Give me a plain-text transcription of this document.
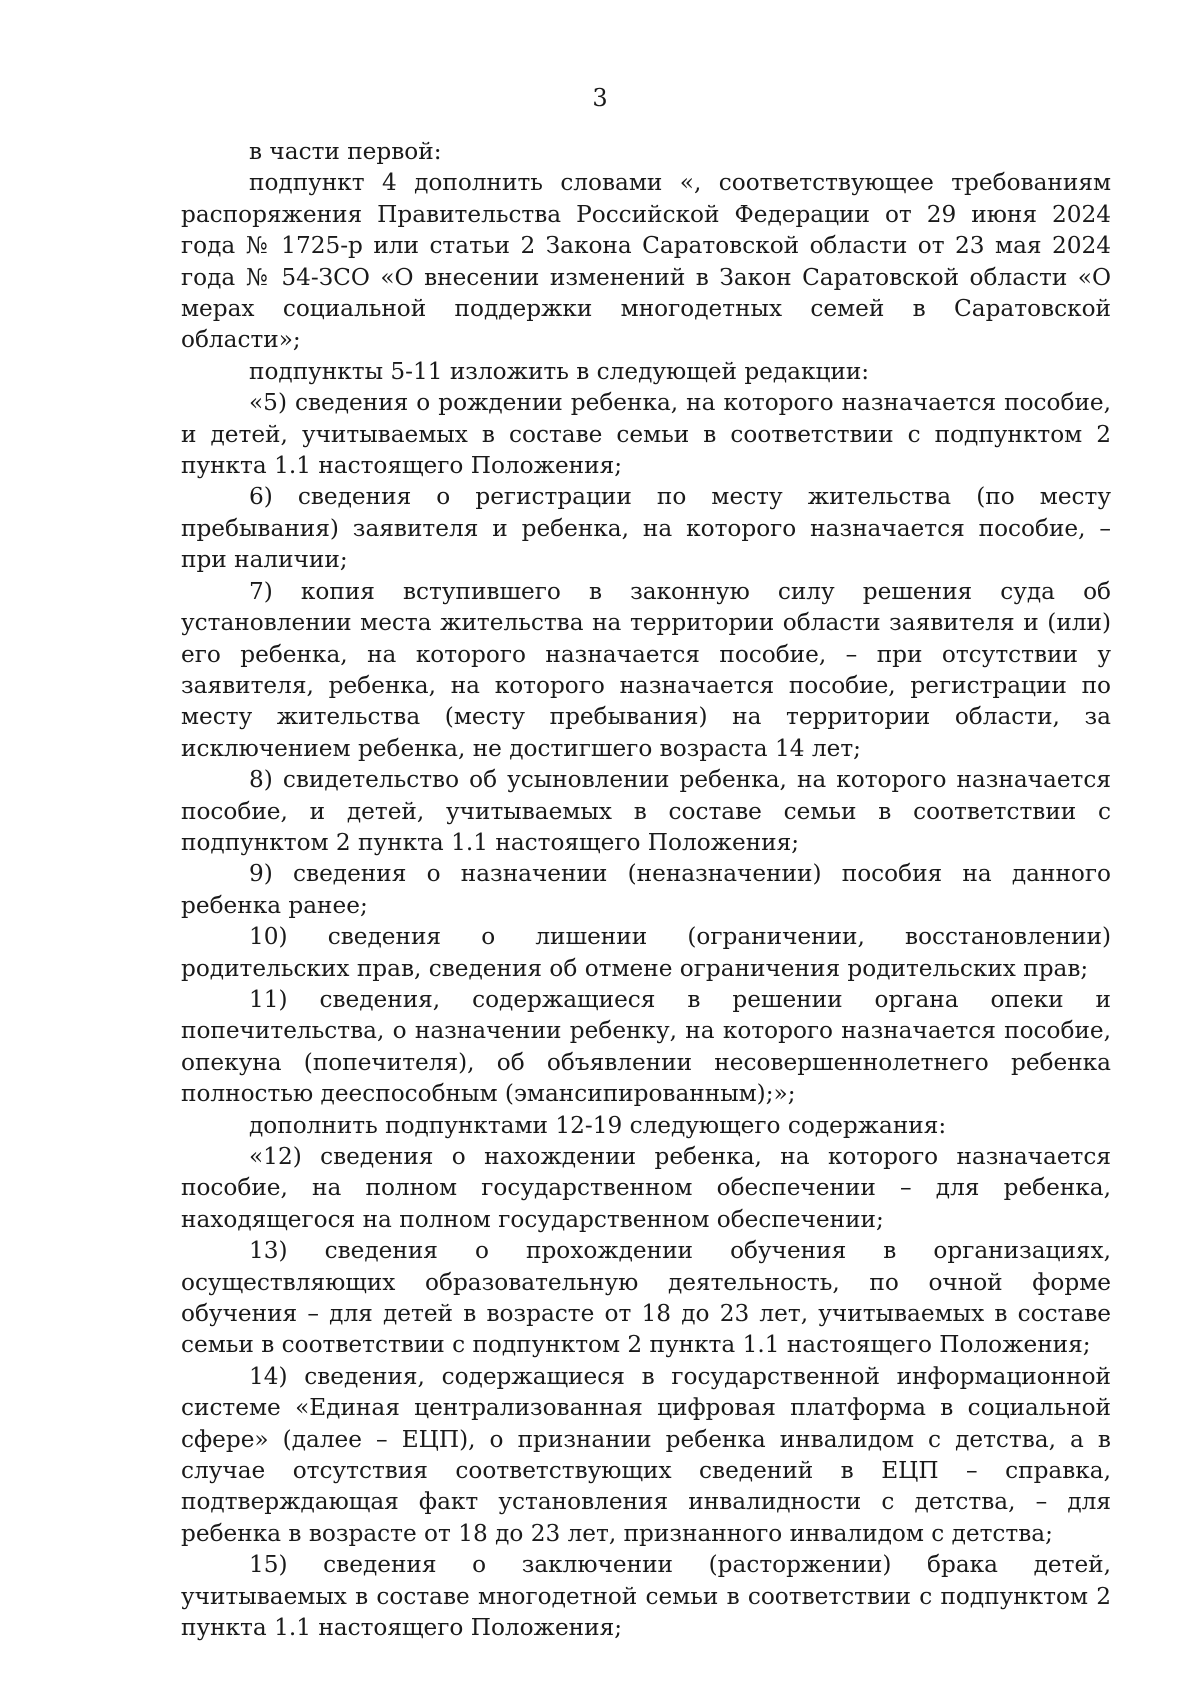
3

в части первой:

подпункт 4 дополнить словами «, соответствующее требованиям распоряжения Правительства Российской Федерации от 29 июня 2024 года № 1725-р или статьи 2 Закона Саратовской области от 23 мая 2024 года № 54-ЗСО «О внесении изменений в Закон Саратовской области «О мерах социальной поддержки многодетных семей в Саратовской области»;

подпункты 5-11 изложить в следующей редакции:

«5) сведения о рождении ребенка, на которого назначается пособие, и детей, учитываемых в составе семьи в соответствии с подпунктом 2 пункта 1.1 настоящего Положения;

6) сведения о регистрации по месту жительства (по месту пребывания) заявителя и ребенка, на которого назначается пособие, – при наличии;

7) копия вступившего в законную силу решения суда об установлении места жительства на территории области заявителя и (или) его ребенка, на которого назначается пособие, – при отсутствии у заявителя, ребенка, на которого назначается пособие, регистрации по месту жительства (месту пребывания) на территории области, за исключением ребенка, не достигшего возраста 14 лет;

8) свидетельство об усыновлении ребенка, на которого назначается пособие, и детей, учитываемых в составе семьи в соответствии с подпунктом 2 пункта 1.1 настоящего Положения;

9) сведения о назначении (неназначении) пособия на данного ребенка ранее;

10) сведения о лишении (ограничении, восстановлении) родительских прав, сведения об отмене ограничения родительских прав;

11) сведения, содержащиеся в решении органа опеки и попечительства, о назначении ребенку, на которого назначается пособие, опекуна (попечителя), об объявлении несовершеннолетнего ребенка полностью дееспособным (эмансипированным);»;

дополнить подпунктами 12-19 следующего содержания:

«12) сведения о нахождении ребенка, на которого назначается пособие, на полном государственном обеспечении – для ребенка, находящегося на полном государственном обеспечении;

13) сведения о прохождении обучения в организациях, осуществляющих образовательную деятельность, по очной форме обучения – для детей в возрасте от 18 до 23 лет, учитываемых в составе семьи в соответствии с подпунктом 2 пункта 1.1 настоящего Положения;

14) сведения, содержащиеся в государственной информационной системе «Единая централизованная цифровая платформа в социальной сфере» (далее – ЕЦП), о признании ребенка инвалидом с детства, а в случае отсутствия соответствующих сведений в ЕЦП – справка, подтверждающая факт установления инвалидности с детства, – для ребенка в возрасте от 18 до 23 лет, признанного инвалидом с детства;

15) сведения о заключении (расторжении) брака детей, учитываемых в составе многодетной семьи в соответствии с подпунктом 2 пункта 1.1 настоящего Положения;
